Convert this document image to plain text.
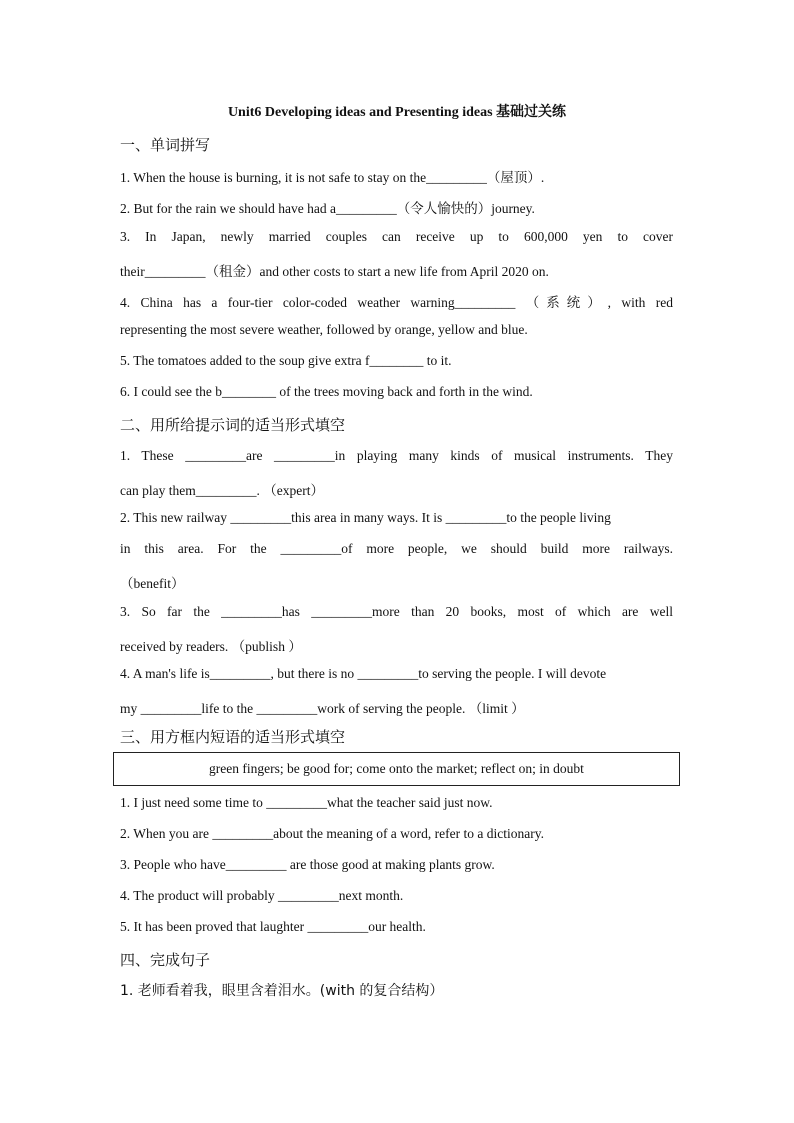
Unit6 Developing ideas and Presenting ideas 基础过关练
一、单词拼写
1. When the house is burning, it is not safe to stay on the_________（屋顶）.
2. But for the rain we should have had a_________（令人愉快的）journey.
3. In Japan, newly married couples can receive up to 600,000 yen to cover
their_________（租金）and other costs to start a new life from April 2020 on.
4. China has a four-tier color-coded weather warning_________ （系统）, with red
representing the most severe weather, followed by orange, yellow and blue.
5. The tomatoes added to the soup give extra f________ to it.
6. I could see the b________ of the trees moving back and forth in the wind.
二、用所给提示词的适当形式填空
1. These _________are _________in playing many kinds of musical instruments. They
can play them_________. （expert）
2. This new railway _________this area in many ways. It is _________to the people living
in this area. For the _________of more people, we should build more railways.
（benefit）
3. So far the _________has _________more than 20 books, most of which are well
received by readers. （publish ）
4. A man's life is_________, but there is no _________to serving the people. I will devote
my _________life to the _________work of serving the people. （limit ）
三、用方框内短语的适当形式填空
green fingers; be good for; come onto the market; reflect on; in doubt
1. I just need some time to _________what the teacher said just now.
2. When you are _________about the meaning of a word, refer to a dictionary.
3. People who have_________ are those good at making plants grow.
4. The product will probably _________next month.
5. It has been proved that laughter _________our health.
四、完成句子
1. 老师看着我，眼里含着泪水。(with 的复合结构）
